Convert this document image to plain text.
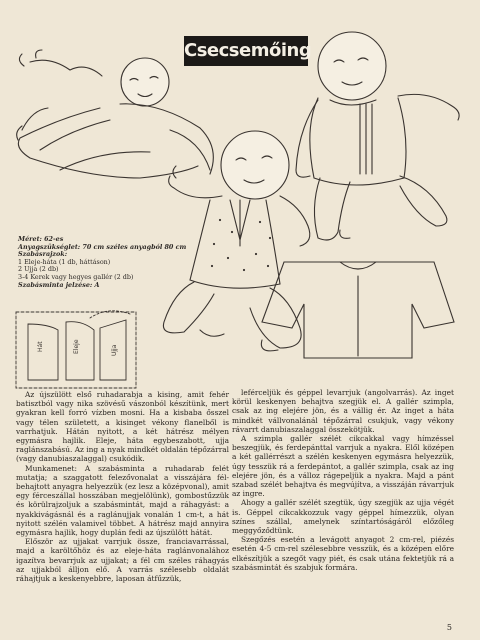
Csecsemőing
Méret: 62-es
Anyagszükséglet: 70 cm széles anyagból 80 cm
Szabásrajzok:
1 Eleje-háta (1 db, háttáson)
2 Ujja (2 db)
3-4 Kerek vagy hegyes gallér (2 db)
Szabásminta jelzése: A
Hát	Eleje	Ujja

Az újszülött első ruhadarabja a kising, amit fehér batisztból vagy nika szövésű vászonból készítünk, mert gyakran kell forró vízben mosni. Ha a kisbaba ősszel vagy télen született, a kisinget vékony flanelből is varrhatjuk. Hátán nyitott, a két hátrész mélyen egymásra hajlik. Eleje, háta egybeszabott, ujja raglánszabású. Az ing a nyak mindkét oldalán tépőzárral (vagy danubiaszalaggal) csukódik.

Munkamenet: A szabásminta a ruhadarab felét mutatja; a szaggatott felezővonalat a visszájára fél-behajtott anyagra helyezzük (ez lesz a középvonal), amit egy férceszállal hosszában megjelölünk), gombostűzzük és körülrajzoljuk a szabásmintát, majd a ráhagyást: a nyakkivágásnál és a raglánujjak vonalán 1 cm-t, a hát nyitott szélén valamivel többet. A hátrész majd annyira egymásra hajlik, hogy duplán fedi az újszülött hátát.

Először az ujjakat varrjuk össze, franciavarrással, majd a karöltőhöz és az eleje-háta raglánvonalához igazítva bevarrjuk az ujjakat; a fél cm széles ráhagyás az ujjakból álljon elő. A varrás szélesebb oldalát ráhajtjuk a keskenyebbre, laposan átfűzzük,

lefércеljük és géppel levarrjuk (angolvarrás). Az inget körül keskenyen behajtva szegjük el. A gallér szimpla, csak az ing elejére jön, és a vállig ér. Az inget a háta mindkét vállvonalánál tépőzárral csukjuk, vagy vékony rávarrt danubiaszalaggal összekötjük.

A szimpla gallér szélét cikcakkal vagy hímzéssel beszegjük, és ferdepánttal varrjuk a nyakra. Elől középen a két gallérrészt a szélén keskenyen egymásra helyezzük, úgy tesszük rá a ferdepántot, a gallér szimpla, csak az ing elejére jön, és a válloz rágepeljük a nyakra. Majd a pánt szabad szélét behajtva és megvújítva, a visszáján rávarrjuk az ingre.

Ahogy a gallér szélét szegtük, úgy szegjük az ujja végét is. Géppel cikcakkozzuk vagy géppel hímezzük, olyan színes szállal, amelynek színtartóságáról előzőleg meggyőződtünk.

Szegőzés esetén a levágott anyagot 2 cm-rel, piézés esetén 4-5 cm-rel szélesebbre vesszük, és a középen előre elkészítjük a szegőt vagy piét, és csak utána fektetjük rá a szabásmintát és szabjuk formára.

5
